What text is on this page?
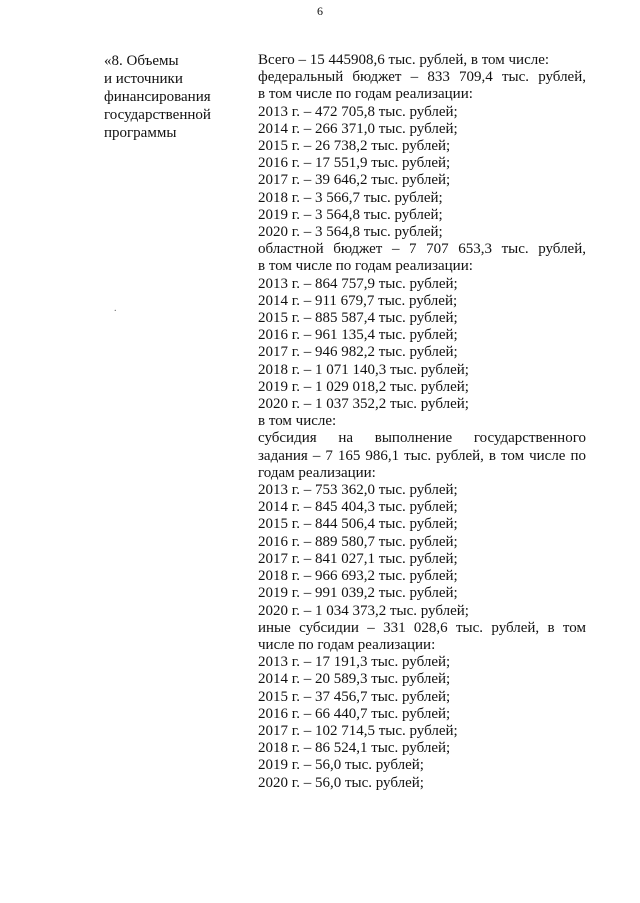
6
«8. Объемы
и источники
финансирования
государственной
программы
.
Всего – 15 445908,6 тыс. рублей, в том числе:
федеральный бюджет – 833 709,4 тыс. рублей,
в том числе по годам реализации:
2013 г. – 472 705,8 тыс. рублей;
2014 г. – 266 371,0 тыс. рублей;
2015 г. – 26 738,2 тыс. рублей;
2016 г. – 17 551,9 тыс. рублей;
2017 г. – 39 646,2 тыс. рублей;
2018 г. – 3 566,7 тыс. рублей;
2019 г. – 3 564,8 тыс. рублей;
2020 г. – 3 564,8 тыс. рублей;
областной бюджет – 7 707 653,3 тыс. рублей,
в том числе по годам реализации:
2013 г. – 864 757,9 тыс. рублей;
2014 г. – 911 679,7 тыс. рублей;
2015 г. – 885 587,4 тыс. рублей;
2016 г. – 961 135,4 тыс. рублей;
2017 г. – 946 982,2 тыс. рублей;
2018 г. – 1 071 140,3 тыс. рублей;
2019 г. – 1 029 018,2 тыс. рублей;
2020 г. – 1 037 352,2 тыс. рублей;
в том числе:
субсидия на выполнение государственного
задания – 7 165 986,1 тыс. рублей, в том числе по
годам реализации:
2013 г. – 753 362,0 тыс. рублей;
2014 г. – 845 404,3 тыс. рублей;
2015 г. – 844 506,4 тыс. рублей;
2016 г. – 889 580,7 тыс. рублей;
2017 г. – 841 027,1 тыс. рублей;
2018 г. – 966 693,2 тыс. рублей;
2019 г. – 991 039,2 тыс. рублей;
2020 г. – 1 034 373,2 тыс. рублей;
иные субсидии – 331 028,6 тыс. рублей, в том
числе по годам реализации:
2013 г. – 17 191,3 тыс. рублей;
2014 г. – 20 589,3 тыс. рублей;
2015 г. – 37 456,7 тыс. рублей;
2016 г. – 66 440,7 тыс. рублей;
2017 г. – 102 714,5 тыс. рублей;
2018 г. – 86 524,1 тыс. рублей;
2019 г. – 56,0 тыс. рублей;
2020 г. – 56,0 тыс. рублей;
